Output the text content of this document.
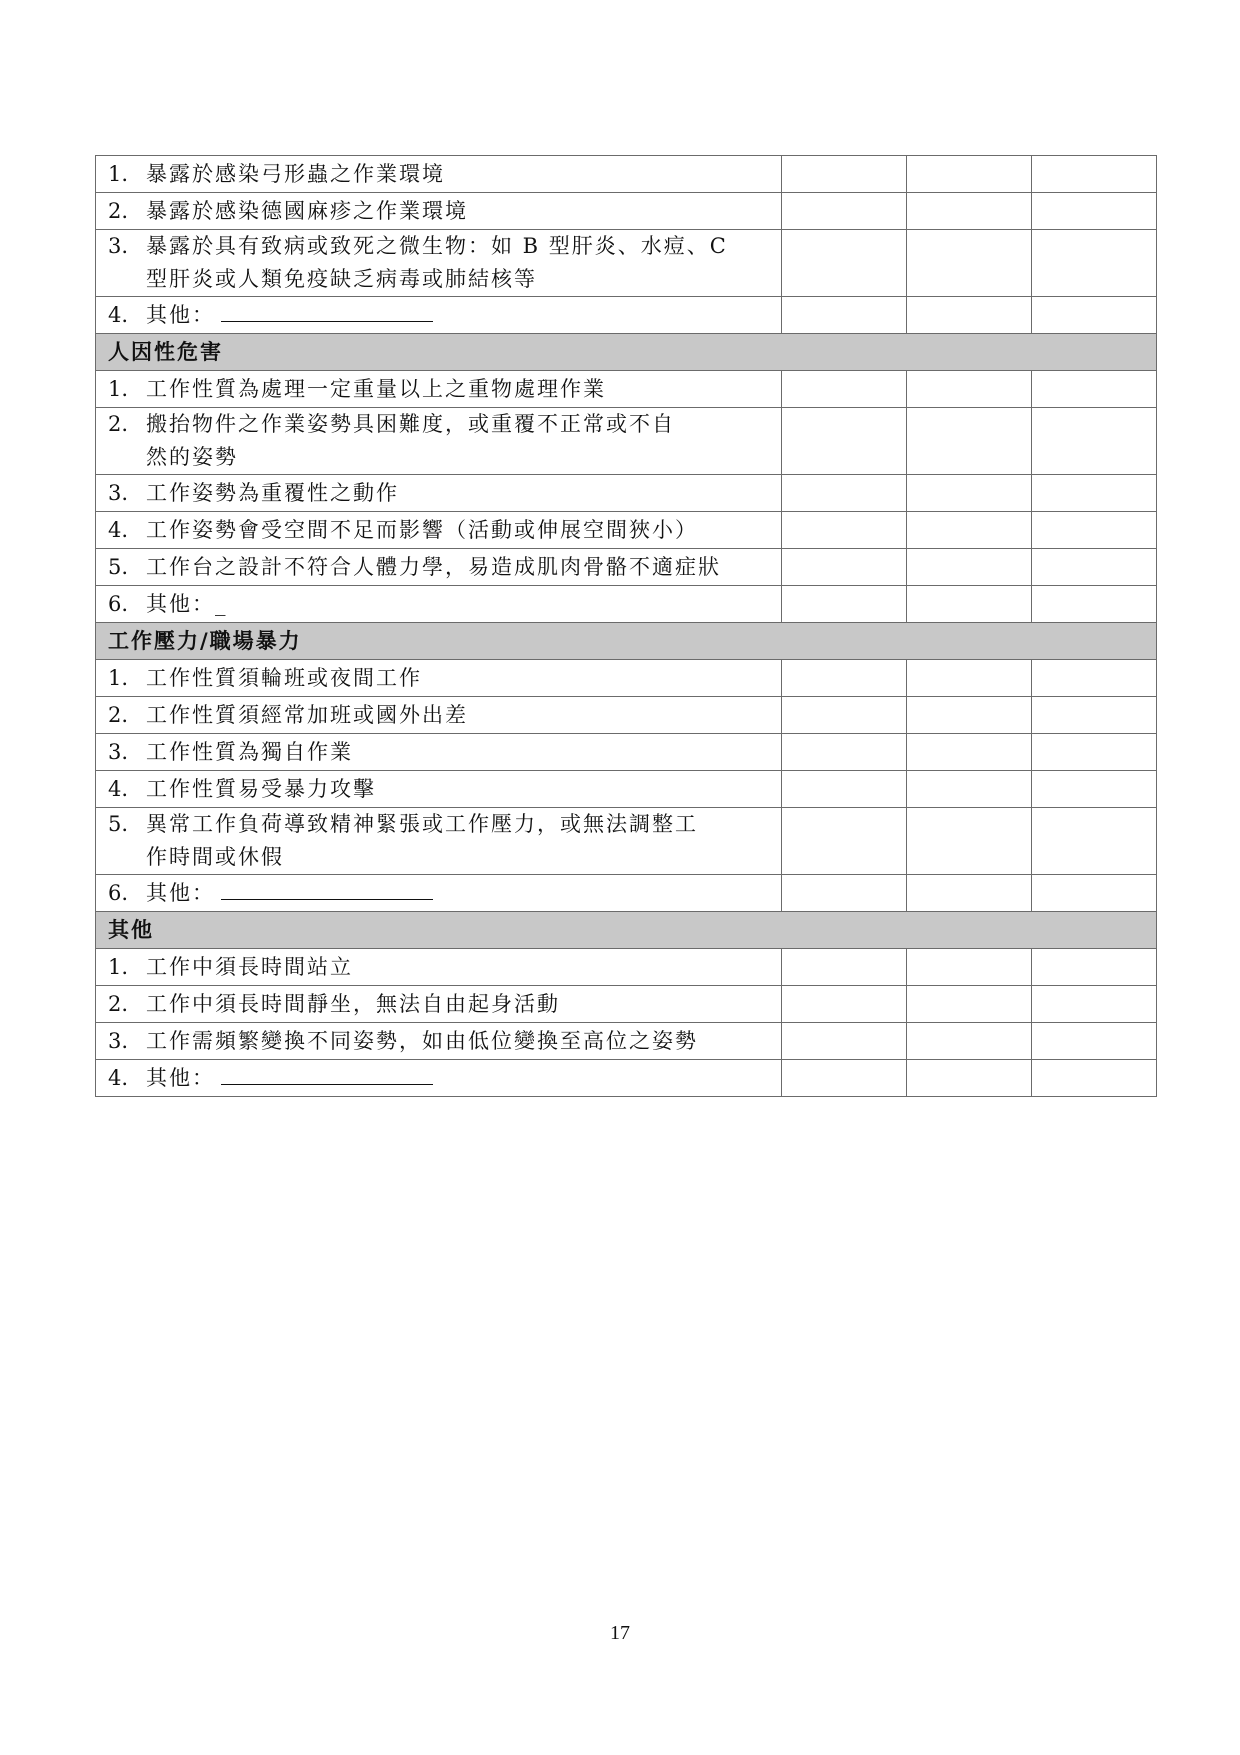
1. 暴露於感染弓形蟲之作業環境			
2. 暴露於感染德國麻疹之作業環境			
3. 暴露於具有致病或致死之微生物：如 B 型肝炎、水痘、C
型肝炎或人類免疫缺乏病毒或肺結核等			

4. 其他：			
人因性危害			
1. 工作性質為處理一定重量以上之重物處理作業			
2. 搬抬物件之作業姿勢具困難度，或重覆不正常或不自
然的姿勢			

3. 工作姿勢為重覆性之動作			
4. 工作姿勢會受空間不足而影響（活動或伸展空間狹小）			
5. 工作台之設計不符合人體力學，易造成肌肉骨骼不適症狀			
6. 其他：_			
工作壓力/職場暴力			
1. 工作性質須輪班或夜間工作			
2. 工作性質須經常加班或國外出差			
3. 工作性質為獨自作業			
4. 工作性質易受暴力攻擊			
5. 異常工作負荷導致精神緊張或工作壓力，或無法調整工
作時間或休假			

6. 其他：			
其他			
1. 工作中須長時間站立			
2. 工作中須長時間靜坐，無法自由起身活動			
3. 工作需頻繁變換不同姿勢，如由低位變換至高位之姿勢			
4. 其他：			
17
